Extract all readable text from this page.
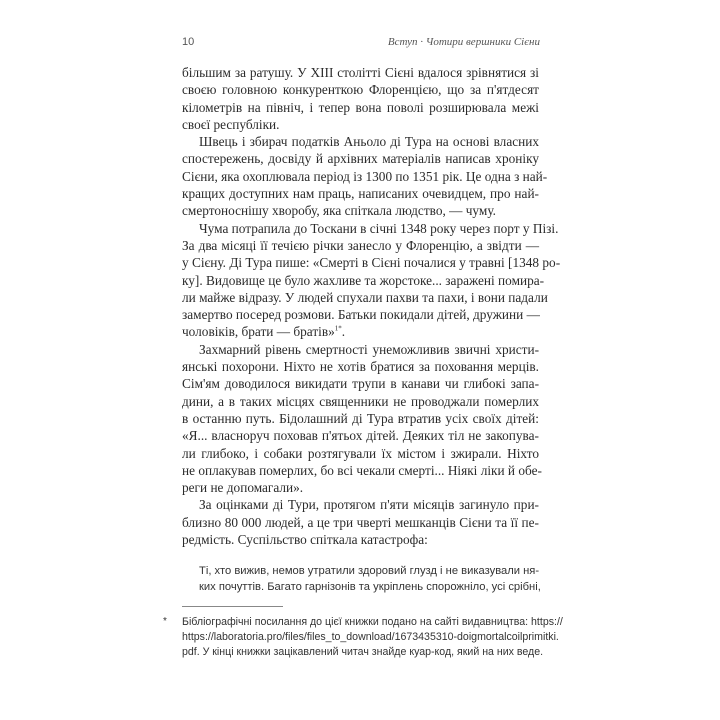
10	Вступ · Чотири вершники Сієни
більшим за ратушу. У XIII столітті Сієні вдалося зрівнятися зі
своєю головною конкуренткою Флоренцією, що за п'ятдесят
кілометрів на північ, і тепер вона поволі розширювала межі
своєї республіки.
Швець і збирач податків Аньоло ді Тура на основі власних
спостережень, досвіду й архівних матеріалів написав хроніку
Сієни, яка охоплювала період із 1300 по 1351 рік. Це одна з най-
кращих доступних нам праць, написаних очевидцем, про най-
смертоноснішу хворобу, яка спіткала людство, — чуму.
Чума потрапила до Тоскани в січні 1348 року через порт у Пізі.
За два місяці її течією річки занесло у Флоренцію, а звідти —
у Сієну. Ді Тура пише: «Смерті в Сієні почалися у травні [1348 ро-
ку]. Видовище це було жахливе та жорстоке... заражені помира-
ли майже відразу. У людей спухали пахви та пахи, і вони падали
замертво посеред розмови. Батьки покидали дітей, дружини —
чоловіків, брати — братів»$^{1*}$.
Захмарний рівень смертності унеможливив звичні христи-
янські похорони. Ніхто не хотів братися за поховання мерців.
Сім'ям доводилося викидати трупи в канави чи глибокі запа-
дини, а в таких місцях священники не проводжали померлих
в останню путь. Бідолашний ді Тура втратив усіх своїх дітей:
«Я... власноруч поховав п'ятьох дітей. Деяких тіл не закопува-
ли глибоко, і собаки розтягували їх містом і зжирали. Ніхто
не оплакував померлих, бо всі чекали смерті... Ніякі ліки й обе-
реги не допомагали».
За оцінками ді Тури, протягом п'яти місяців загинуло при-
близно 80 000 людей, а це три чверті мешканців Сієни та її пе-
редмість. Суспільство спіткала катастрофа:
Ті, хто вижив, немов утратили здоровий глузд і не виказували ня-
ких почуттів. Багато гарнізонів та укріплень спорожніло, усі срібні,
* Бібліографічні посилання до цієї книжки подано на сайті видавництва: https://
https://laboratoria.pro/files/files_to_download/1673435310-doigmortalcoilprimitki.
pdf. У кінці книжки зацікавлений читач знайде куар-код, який на них веде.
